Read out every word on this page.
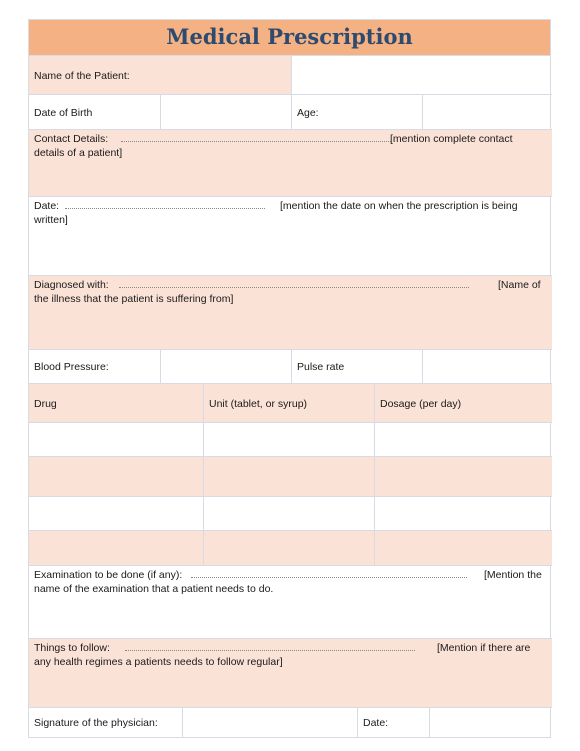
Medical Prescription
Name of the Patient:
Date of Birth	Age:
Contact Details:	[mention complete contact
details of a patient]
Date:	[mention the date on when the prescription is being
written]
Diagnosed with:	[Name of
the illness that the patient is suffering from]
Blood Pressure:	Pulse rate
Drug	Unit (tablet, or syrup)	Dosage (per day)
Examination to be done (if any):	[Mention the
name of the examination that a patient needs to do.
Things to follow:	[Mention if there are
any health regimes a patients needs to follow regular]
Signature of the physician:	Date:
